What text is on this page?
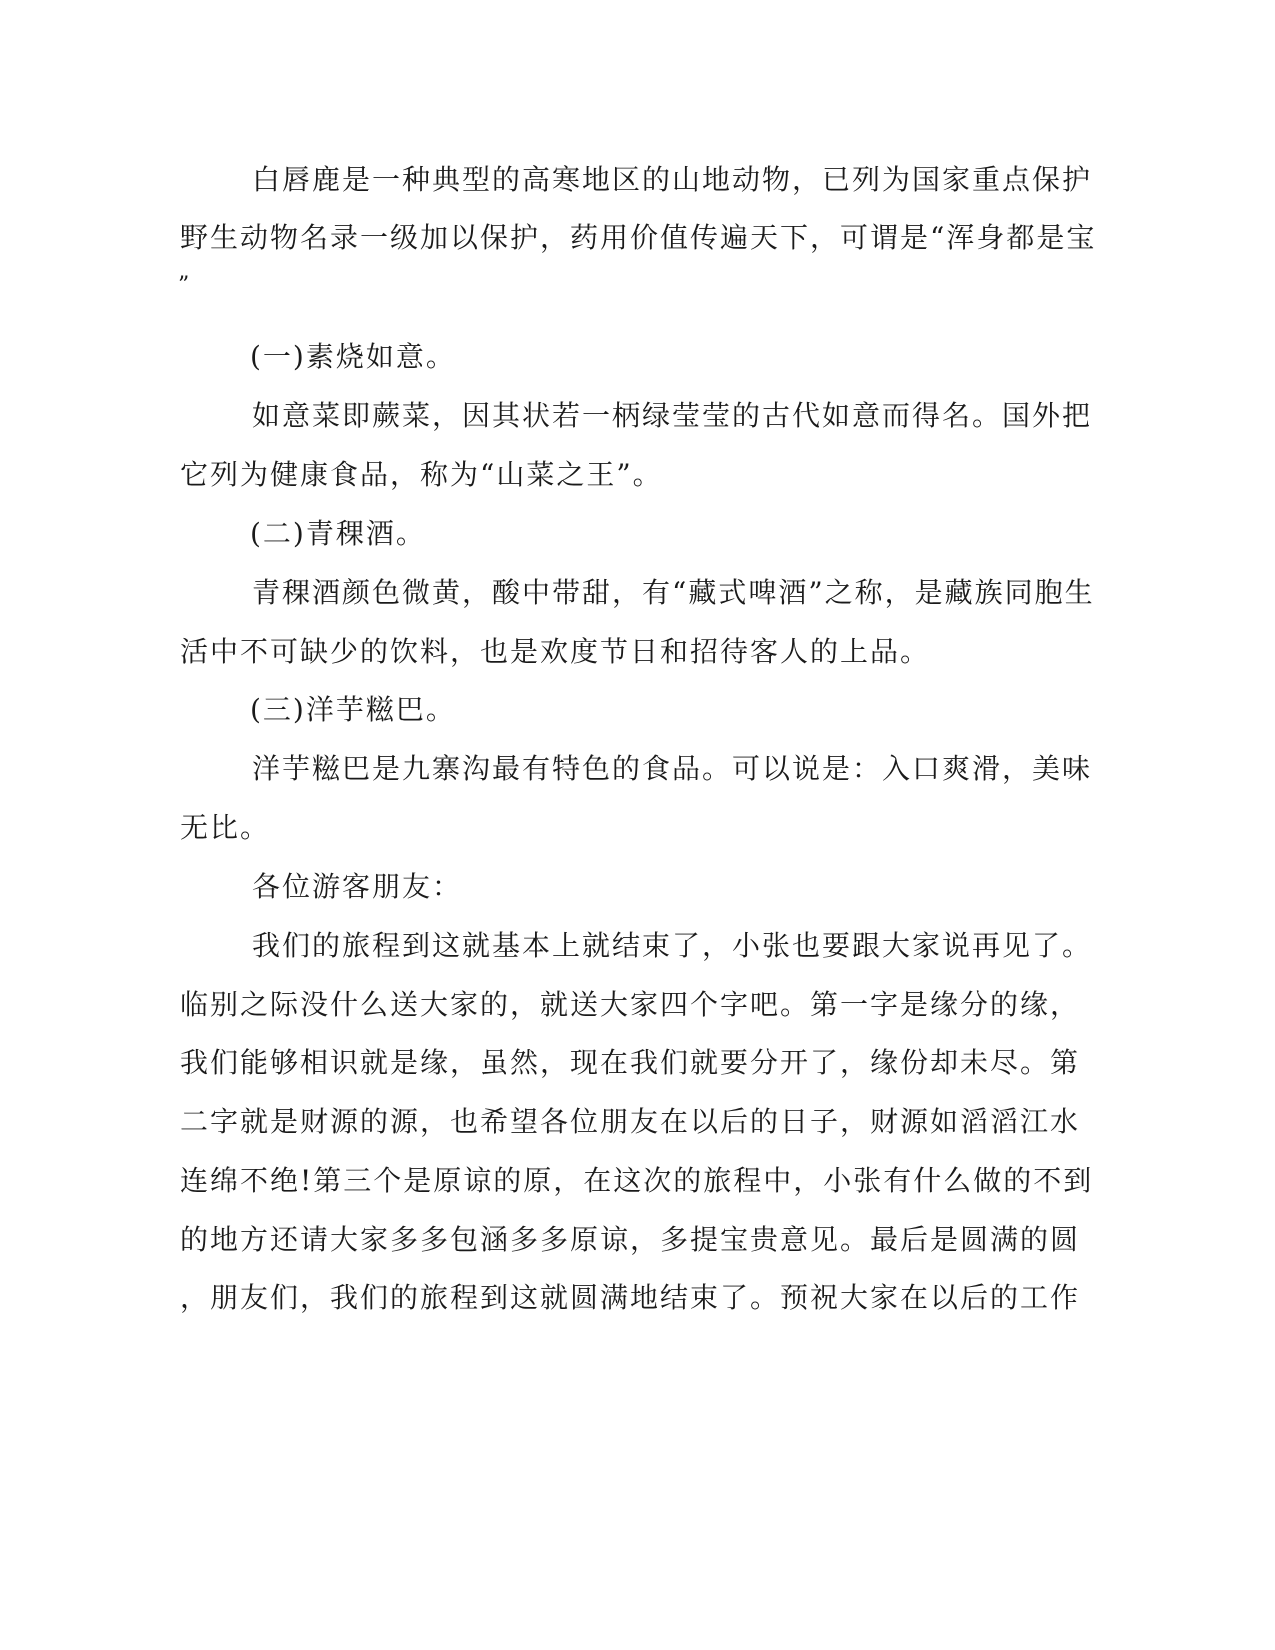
白唇鹿是一种典型的高寒地区的山地动物，已列为国家重点保护

野生动物名录一级加以保护，药用价值传遍天下，可谓是“浑身都是宝

”

(一)素烧如意。

如意菜即蕨菜，因其状若一柄绿莹莹的古代如意而得名。国外把

它列为健康食品，称为“山菜之王”。

(二)青稞酒。

青稞酒颜色微黄，酸中带甜，有“藏式啤酒”之称，是藏族同胞生

活中不可缺少的饮料，也是欢度节日和招待客人的上品。

(三)洋芋糍巴。

洋芋糍巴是九寨沟最有特色的食品。可以说是：入口爽滑，美味

无比。

各位游客朋友：

我们的旅程到这就基本上就结束了，小张也要跟大家说再见了。

临别之际没什么送大家的，就送大家四个字吧。第一字是缘分的缘，

我们能够相识就是缘，虽然，现在我们就要分开了，缘份却未尽。第

二字就是财源的源，也希望各位朋友在以后的日子，财源如滔滔江水

连绵不绝!第三个是原谅的原，在这次的旅程中，小张有什么做的不到

的地方还请大家多多包涵多多原谅，多提宝贵意见。最后是圆满的圆

，朋友们，我们的旅程到这就圆满地结束了。预祝大家在以后的工作
